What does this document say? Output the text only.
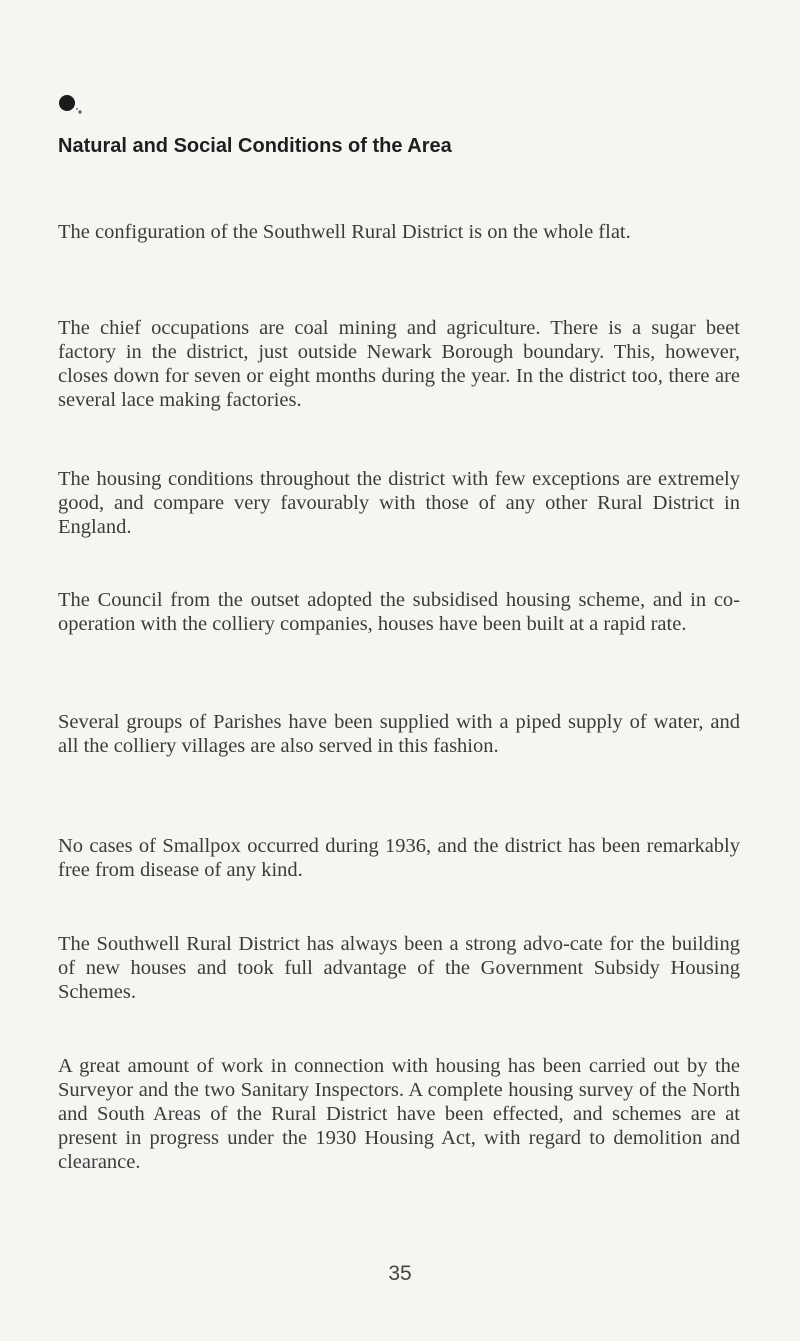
Natural and Social Conditions of the Area

The configuration of the Southwell Rural District is on the whole flat.

The chief occupations are coal mining and agriculture. There is a sugar beet factory in the district, just outside Newark Borough boundary. This, however, closes down for seven or eight months during the year. In the district too, there are several lace making factories.

The housing conditions throughout the district with few exceptions are extremely good, and compare very favourably with those of any other Rural District in England.

The Council from the outset adopted the subsidised housing scheme, and in co-operation with the colliery companies, houses have been built at a rapid rate.

Several groups of Parishes have been supplied with a piped supply of water, and all the colliery villages are also served in this fashion.

No cases of Smallpox occurred during 1936, and the district has been remarkably free from disease of any kind.

The Southwell Rural District has always been a strong advo-cate for the building of new houses and took full advantage of the Government Subsidy Housing Schemes.

A great amount of work in connection with housing has been carried out by the Surveyor and the two Sanitary Inspectors. A complete housing survey of the North and South Areas of the Rural District have been effected, and schemes are at present in progress under the 1930 Housing Act, with regard to demolition and clearance.

35
